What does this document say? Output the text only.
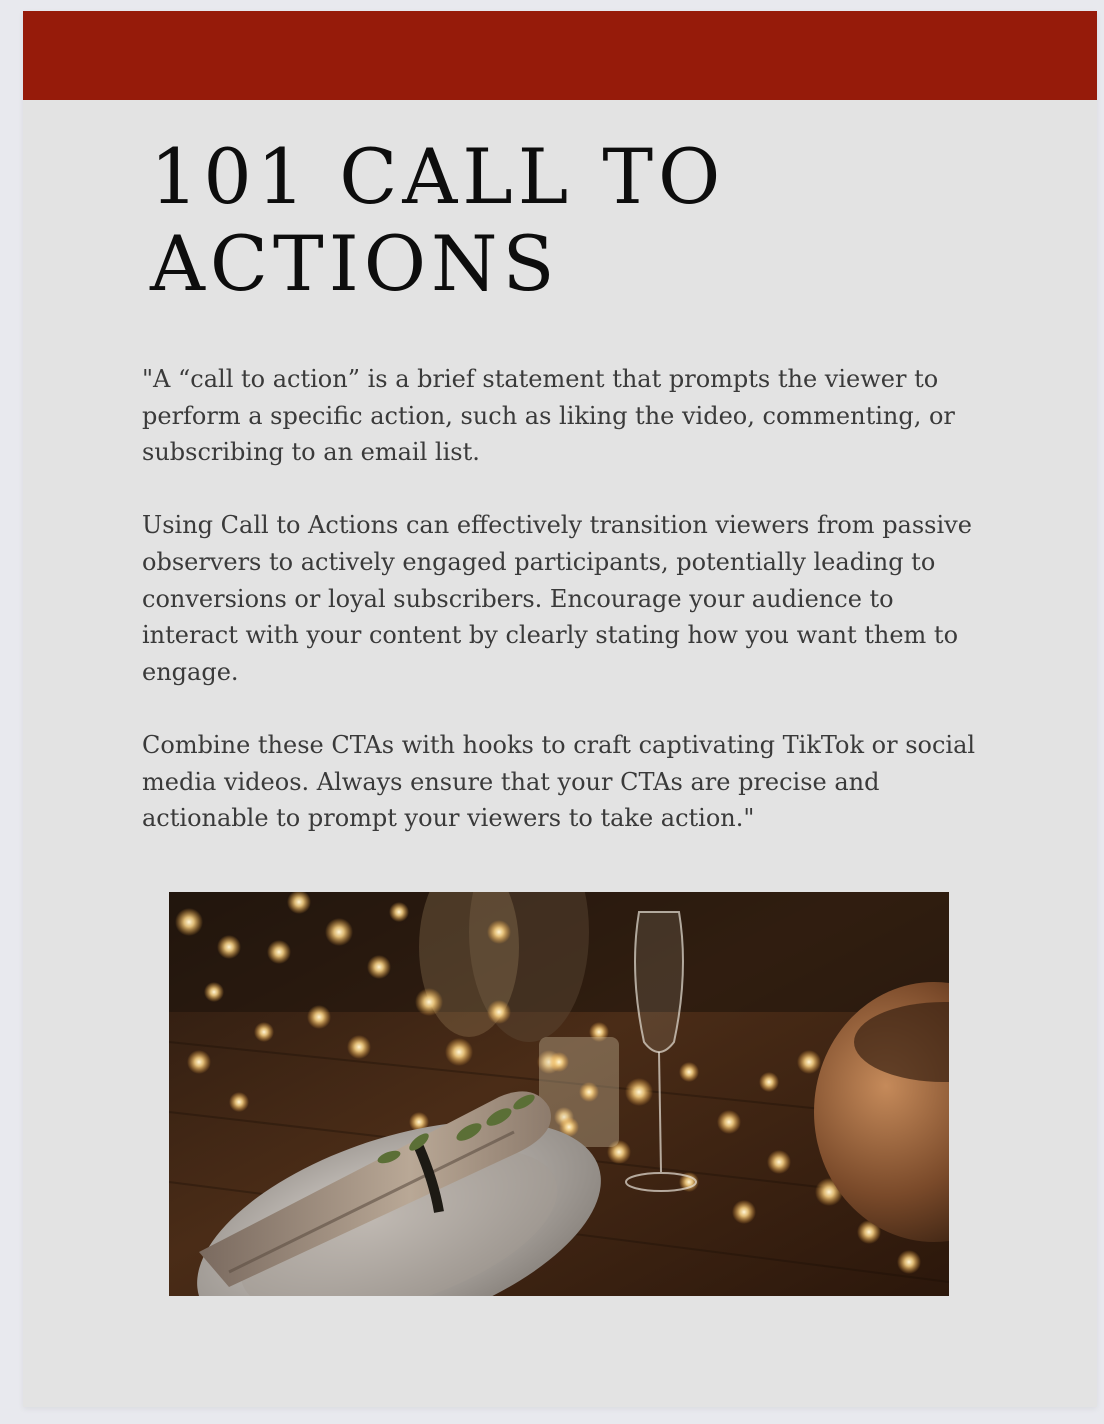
101 CALL TO ACTIONS

"A “call to action” is a brief statement that prompts the viewer to perform a specific action, such as liking the video, commenting, or subscribing to an email list.

Using Call to Actions can effectively transition viewers from passive observers to actively engaged participants, potentially leading to conversions or loyal subscribers. Encourage your audience to interact with your content by clearly stating how you want them to engage.

Combine these CTAs with hooks to craft captivating TikTok or social media videos. Always ensure that your CTAs are precise and actionable to prompt your viewers to take action."
